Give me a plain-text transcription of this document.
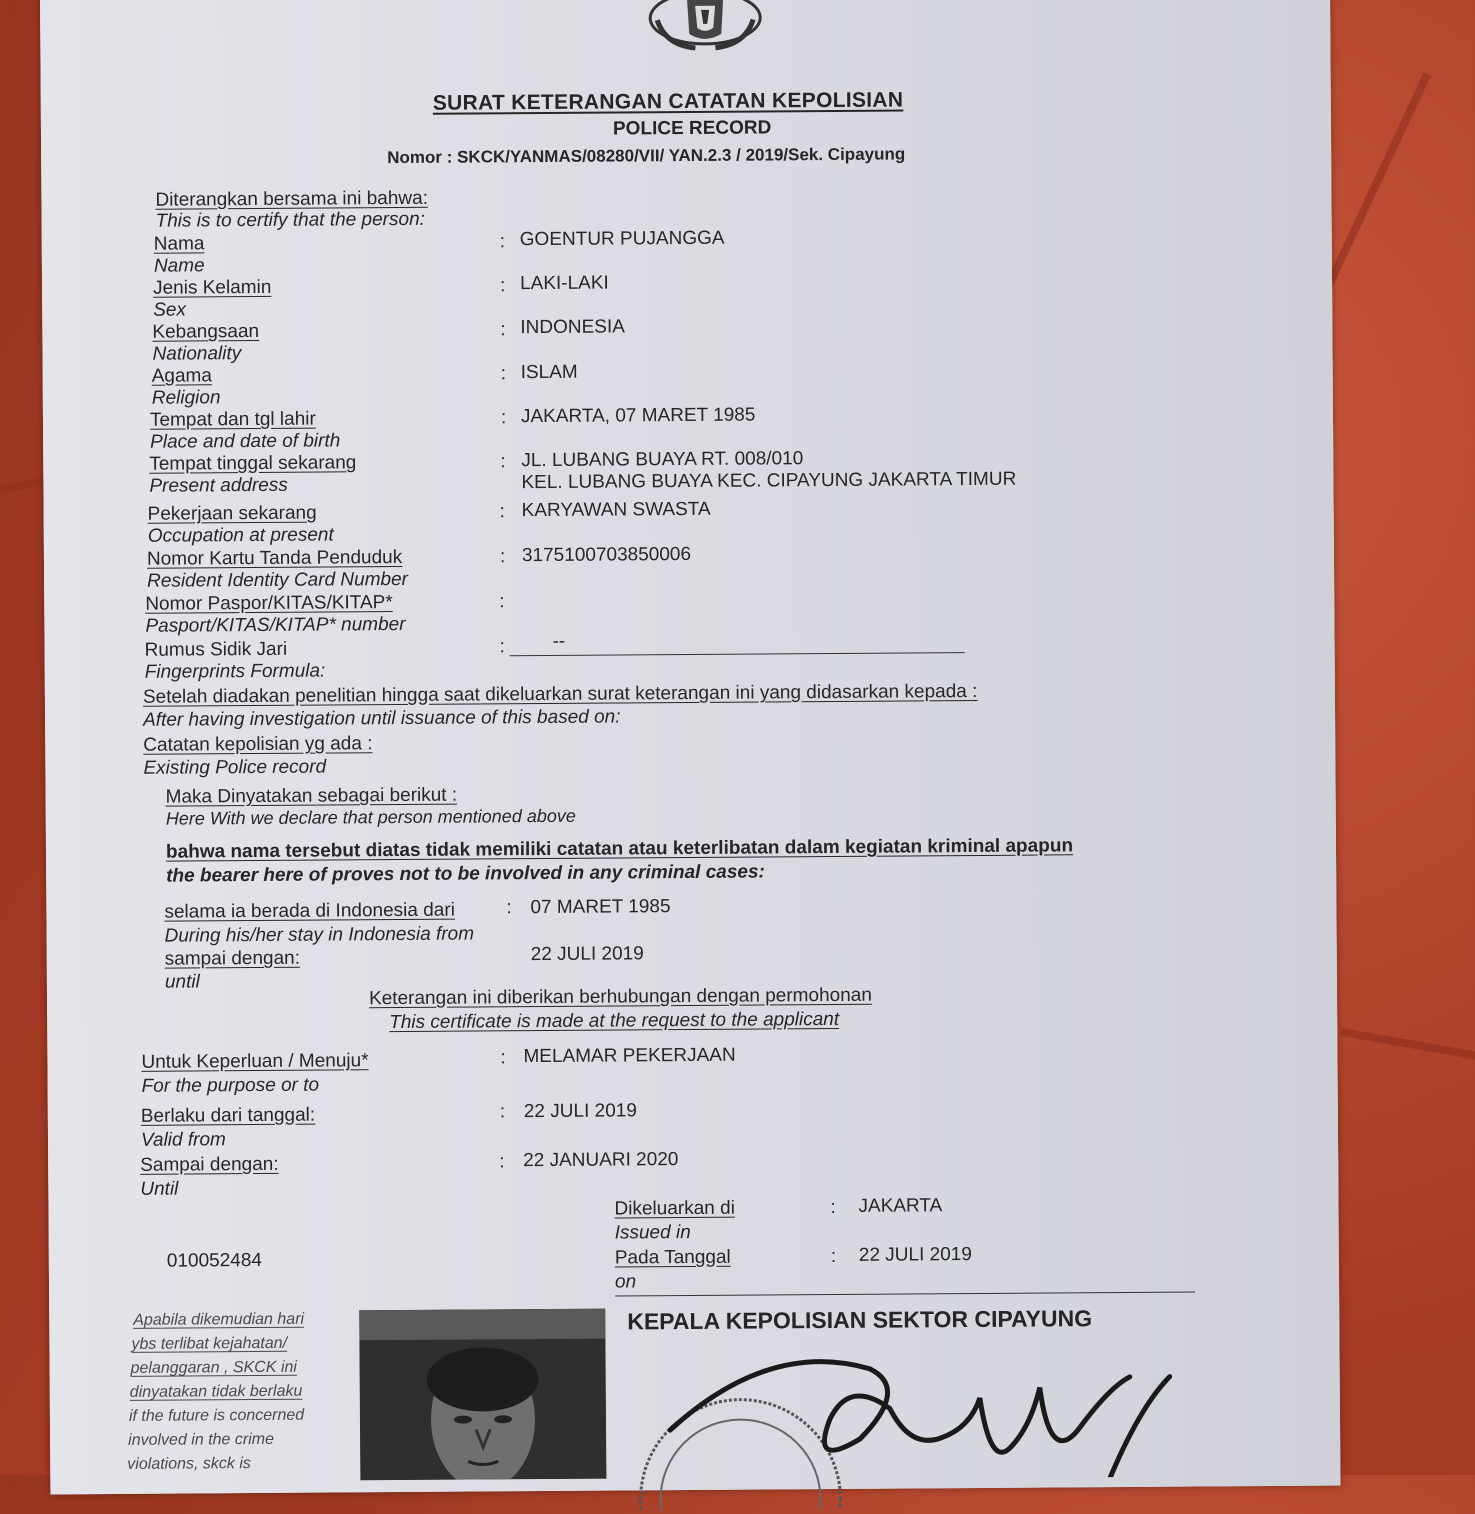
SURAT KETERANGAN CATATAN KEPOLISIAN
POLICE RECORD
Nomor : SKCK/YANMAS/08280/VII/ YAN.2.3 / 2019/Sek. Cipayung
Diterangkan bersama ini bahwa:
This is to certify that the person:
Nama
Name
: GOENTUR PUJANGGA
Jenis Kelamin
Sex
: LAKI-LAKI
Kebangsaan
Nationality
: INDONESIA
Agama
Religion
: ISLAM
Tempat dan tgl lahir
Place and date of birth
: JAKARTA, 07 MARET 1985
Tempat tinggal sekarang
Present address
: JL. LUBANG BUAYA RT. 008/010
KEL. LUBANG BUAYA KEC. CIPAYUNG JAKARTA TIMUR
Pekerjaan sekarang
Occupation at present
: KARYAWAN SWASTA
Nomor Kartu Tanda Penduduk
Resident Identity Card Number
: 3175100703850006
Nomor Paspor/KITAS/KITAP*
Pasport/KITAS/KITAP* number
:
Rumus Sidik Jari
Fingerprints Formula:
:	--
Setelah diadakan penelitian hingga saat dikeluarkan surat keterangan ini yang didasarkan kepada :
After having investigation until issuance of this based on:
Catatan kepolisian yg ada :
Existing Police record
Maka Dinyatakan sebagai berikut :
Here With we declare that person mentioned above
bahwa nama tersebut diatas tidak memiliki catatan atau keterlibatan dalam kegiatan kriminal apapun
the bearer here of proves not to be involved in any criminal cases:
selama ia berada di Indonesia dari
During his/her stay in Indonesia from
: 07 MARET 1985
sampai dengan:
until
22 JULI 2019
Keterangan ini diberikan berhubungan dengan permohonan
This certificate is made at the request to the applicant
Untuk Keperluan / Menuju*
For the purpose or to
: MELAMAR PEKERJAAN
Berlaku dari tanggal:
Valid from
: 22 JULI 2019
Sampai dengan:
Until
: 22 JANUARI 2020
Dikeluarkan di
Issued in
: JAKARTA
Pada Tanggal
on
: 22 JULI 2019
010052484
KEPALA KEPOLISIAN SEKTOR CIPAYUNG
Apabila dikemudian hari
ybs terlibat kejahatan/
pelanggaran , SKCK ini
dinyatakan tidak berlaku
if the future is concerned
involved in the crime
violations, skck is
